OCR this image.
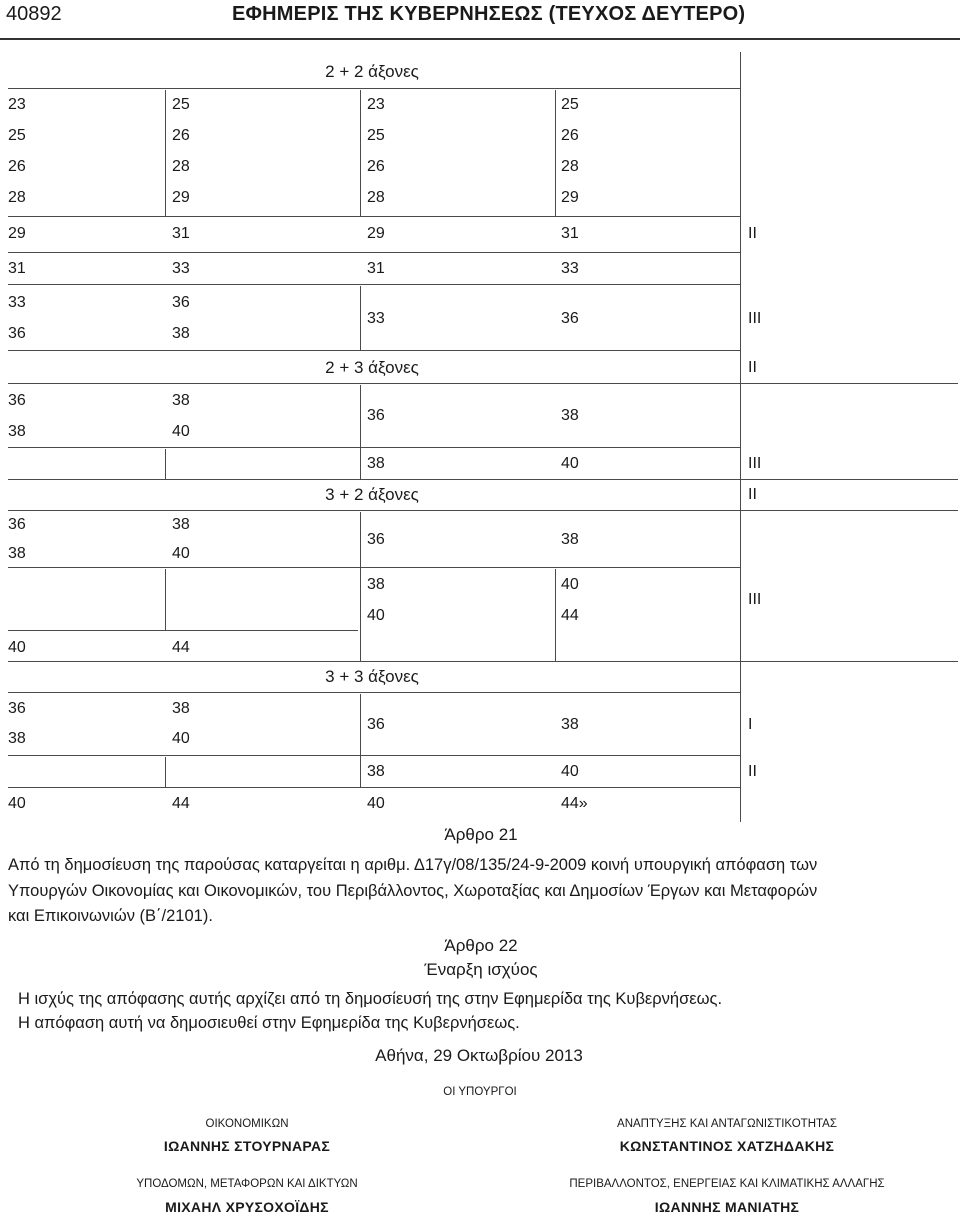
40892	ΕΦΗΜΕΡΙΣ ΤΗΣ ΚΥΒΕΡΝΗΣΕΩΣ (ΤΕΥΧΟΣ ΔΕΥΤΕΡΟ)
2 + 2 άξονες
2 + 3 άξονες
3 + 2 άξονες
3 + 3 άξονες
23
25
26
28
29
31
33
36
25
26
28
29
31
33
36
38
23
25
26
28
29
31
33
25
26
28
29
31
33
36
II
III
II
36
38
38
40
36
38
38
40	III
II
36
38
40
38
40
44
36
38
40
38
40
44
III
36
38
40
38
40
44
36
38
40
38
40
44»
I
II
Άρθρο 21
Από τη δημοσίευση της παρούσας καταργείται η αριθμ. Δ17γ/08/135/24-9-2009 κοινή υπουργική απόφαση των
Υπουργών Οικονομίας και Οικονομικών, του Περιβάλλοντος, Χωροταξίας και Δημοσίων Έργων και Μεταφορών
και Επικοινωνιών (Β΄/2101).
Άρθρο 22
Έναρξη ισχύος
Η ισχύς της απόφασης αυτής αρχίζει από τη δημοσίευσή της στην Εφημερίδα της Κυβερνήσεως.
Η απόφαση αυτή να δημοσιευθεί στην Εφημερίδα της Κυβερνήσεως.
Αθήνα, 29 Οκτωβρίου 2013
ΟΙ ΥΠΟΥΡΓΟΙ
ΟΙΚΟΝΟΜΙΚΩΝ
ΙΩΑΝΝΗΣ ΣΤΟΥΡΝΑΡΑΣ
ΑΝΑΠΤΥΞΗΣ ΚΑΙ ΑΝΤΑΓΩΝΙΣΤΙΚΟΤΗΤΑΣ
ΚΩΝΣΤΑΝΤΙΝΟΣ ΧΑΤΖΗΔΑΚΗΣ
ΥΠΟΔΟΜΩΝ, ΜΕΤΑΦΟΡΩΝ ΚΑΙ ΔΙΚΤΥΩΝ
ΜΙΧΑΗΛ ΧΡΥΣΟΧΟΪΔΗΣ
ΠΕΡΙΒΑΛΛΟΝΤΟΣ, ΕΝΕΡΓΕΙΑΣ ΚΑΙ ΚΛΙΜΑΤΙΚΗΣ ΑΛΛΑΓΗΣ
ΙΩΑΝΝΗΣ ΜΑΝΙΑΤΗΣ
